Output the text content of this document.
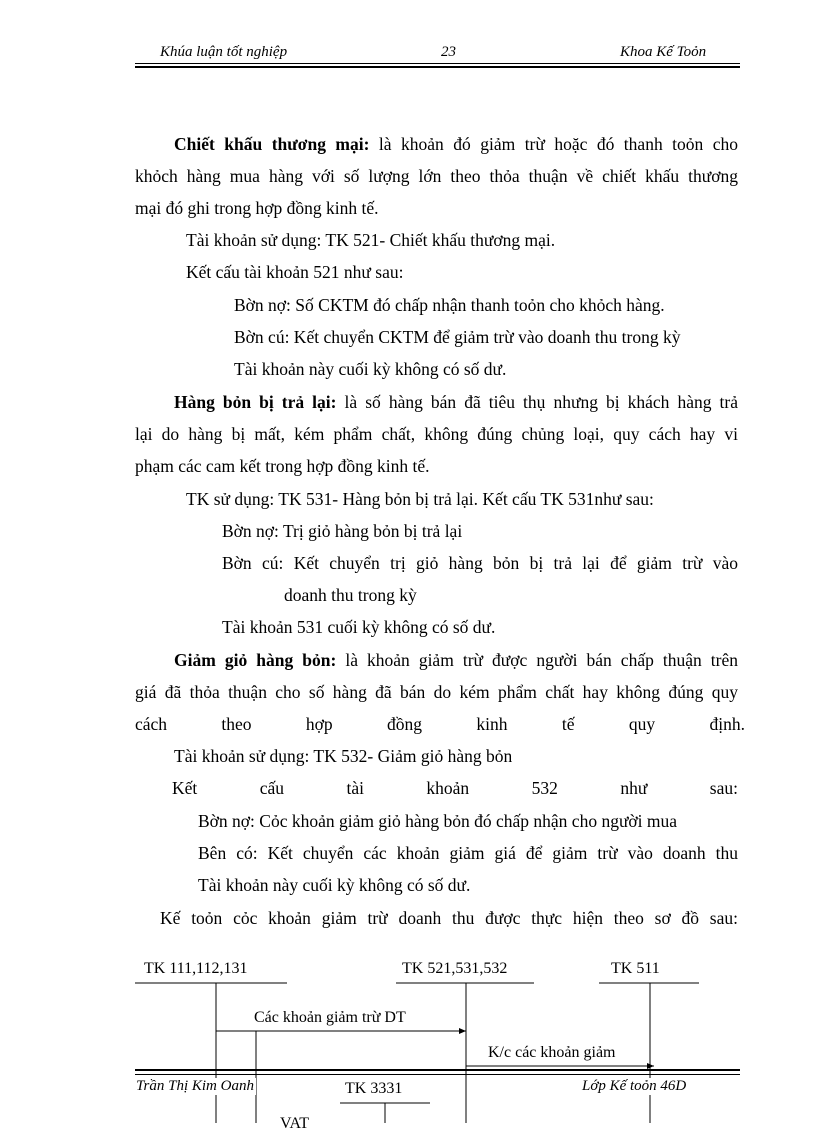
Khúa luận tốt nghiệp	23	Khoa Kế Toỏn
Chiết khấu thương mại: là khoản đó giảm trừ hoặc đó thanh toỏn cho
khỏch hàng mua hàng với số lượng lớn theo thỏa thuận về chiết khấu thương
mại đó ghi trong hợp đồng kinh tế.
Tài khoản sử dụng: TK 521- Chiết khấu thương mại.
Kết cấu tài khoản 521 như sau:
Bờn nợ: Số CKTM đó chấp nhận thanh toỏn cho khỏch hàng.
Bờn cú: Kết chuyển CKTM để giảm trừ vào doanh thu trong kỳ
Tài khoản này cuối kỳ không có số dư.
Hàng bỏn bị trả lại: là số hàng bán đã tiêu thụ nhưng bị khách hàng trả
lại do hàng bị mất, kém phẩm chất, không đúng chủng loại, quy cách hay vi
phạm các cam kết trong hợp đồng kinh tế.
TK sử dụng: TK 531- Hàng bỏn bị trả lại. Kết cấu TK 531như sau:
Bờn nợ: Trị giỏ hàng bỏn bị trả lại
Bờn cú: Kết chuyển trị giỏ hàng bỏn bị trả lại để giảm trừ vào
doanh thu trong kỳ
Tài khoản 531 cuối kỳ không có số dư.
Giảm giỏ hàng bỏn: là khoản giảm trừ được người bán chấp thuận trên
giá đã thỏa thuận cho số hàng đã bán do kém phẩm chất hay không đúng quy
cách theo hợp đồng kinh tế quy định.
Tài khoản sử dụng: TK 532- Giảm giỏ hàng bỏn
Kết cấu tài khoản 532 như sau:
Bờn nợ: Cỏc khoản giảm giỏ hàng bỏn đó chấp nhận cho người mua
Bên có: Kết chuyển các khoản giảm giá để giảm trừ vào doanh thu
Tài khoản này cuối kỳ không có số dư.
Kế toỏn cỏc khoản giảm trừ doanh thu được thực hiện theo sơ đồ sau:
TK 111,112,131	TK 521,531,532	TK 511
Các khoản giảm trừ DT
K/c các khoản giảm
TK 3331
VAT
Trần Thị Kim Oanh	Lớp Kế toỏn 46D
